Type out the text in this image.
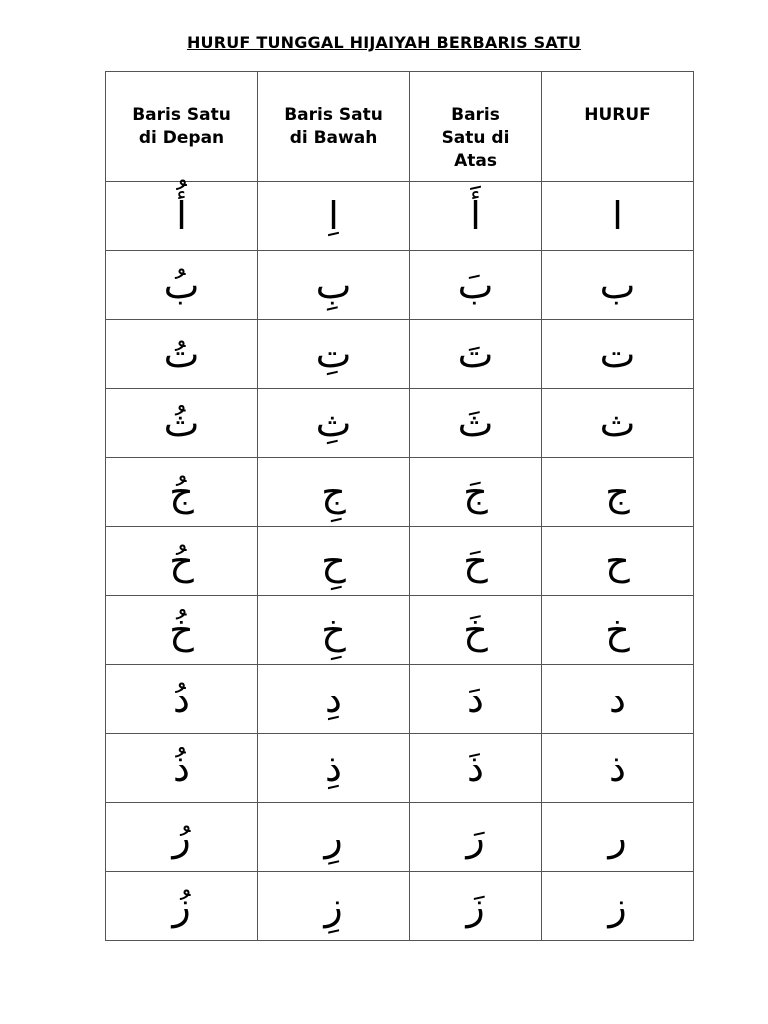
HURUF TUNGGAL HIJAIYAH BERBARIS SATU
Baris Satu di Depan	Baris Satu di Bawah	Baris Satu di Atas	HURUF
أُ	اِ	أَ	ا
بُ	بِ	بَ	ب
تُ	تِ	تَ	ت
ثُ	ثِ	ثَ	ث
جُ	جِ	جَ	ج
حُ	حِ	حَ	ح
خُ	خِ	خَ	خ
دُ	دِ	دَ	د
ذُ	ذِ	ذَ	ذ
رُ	رِ	رَ	ر
زُ	زِ	زَ	ز
